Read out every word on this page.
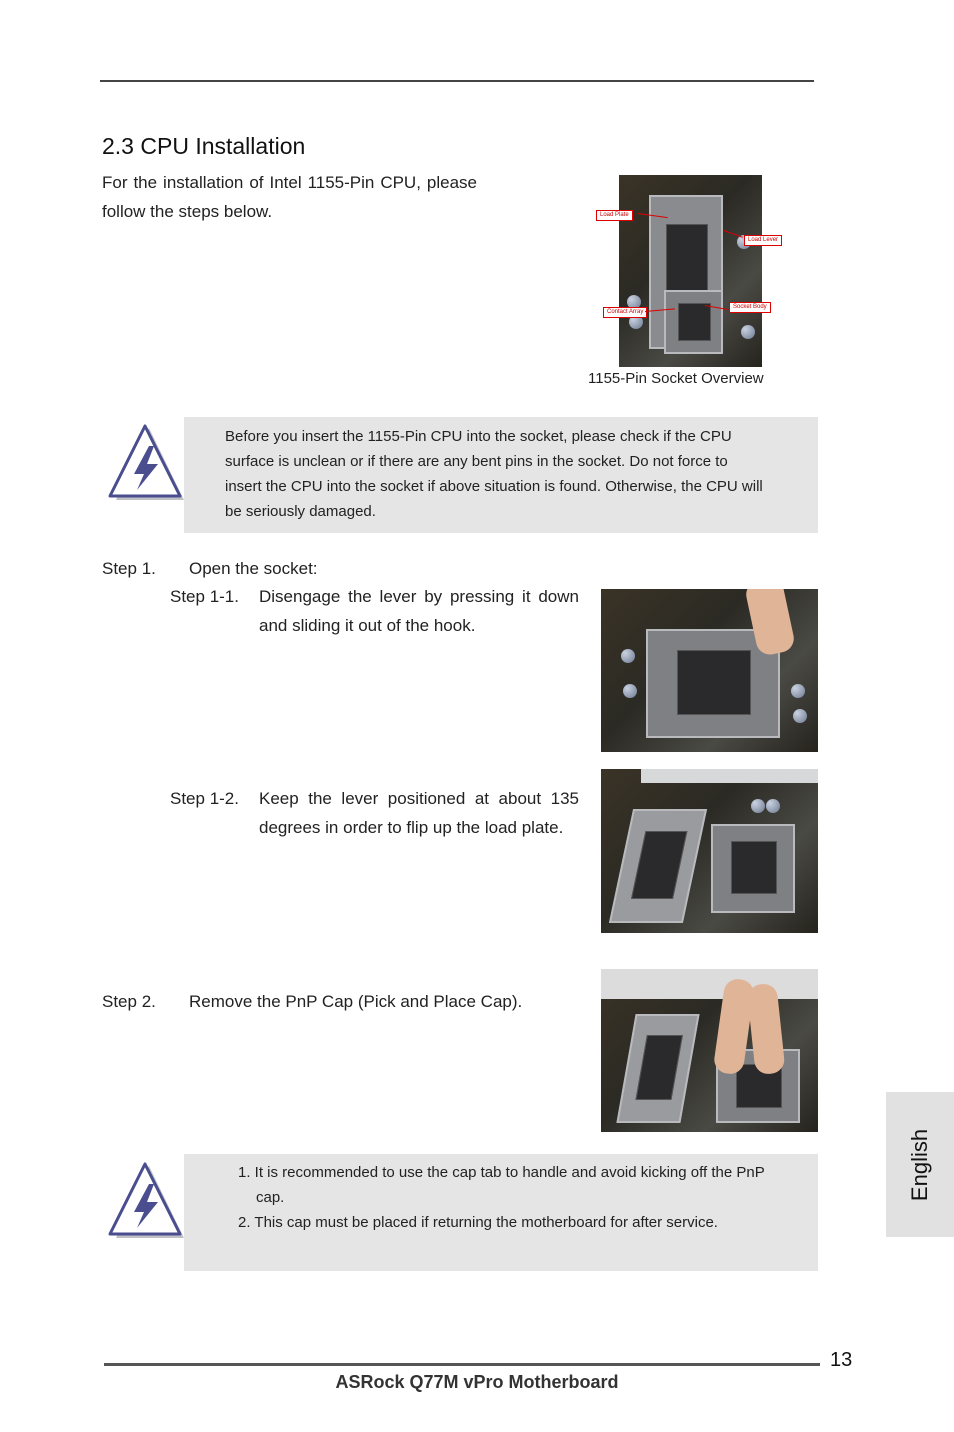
2.3 CPU Installation
For the installation of Intel 1155-Pin CPU, please follow the steps below.	Load Plate
Load Lever
Contact Array
Socket Body
1155-Pin Socket Overview
Before you insert the 1155-Pin CPU into the socket, please check if the CPU surface is unclean or if there are any bent pins in the socket. Do not force to insert the CPU into the socket if above situation is found. Otherwise, the CPU will be seriously damaged.
Step 1. Open the socket:
Step 1-1.	Disengage the lever by pressing it down and sliding it out of the hook.
Step 1-2.	Keep the lever positioned at about 135 degrees in order to flip up the load plate.
Step 2. Remove the PnP Cap (Pick and Place Cap).
1. It is recommended to use the cap tab to handle and avoid kicking off the PnP cap.
2. This cap must be placed if returning the motherboard for after service.
English
13
ASRock Q77M vPro Motherboard
